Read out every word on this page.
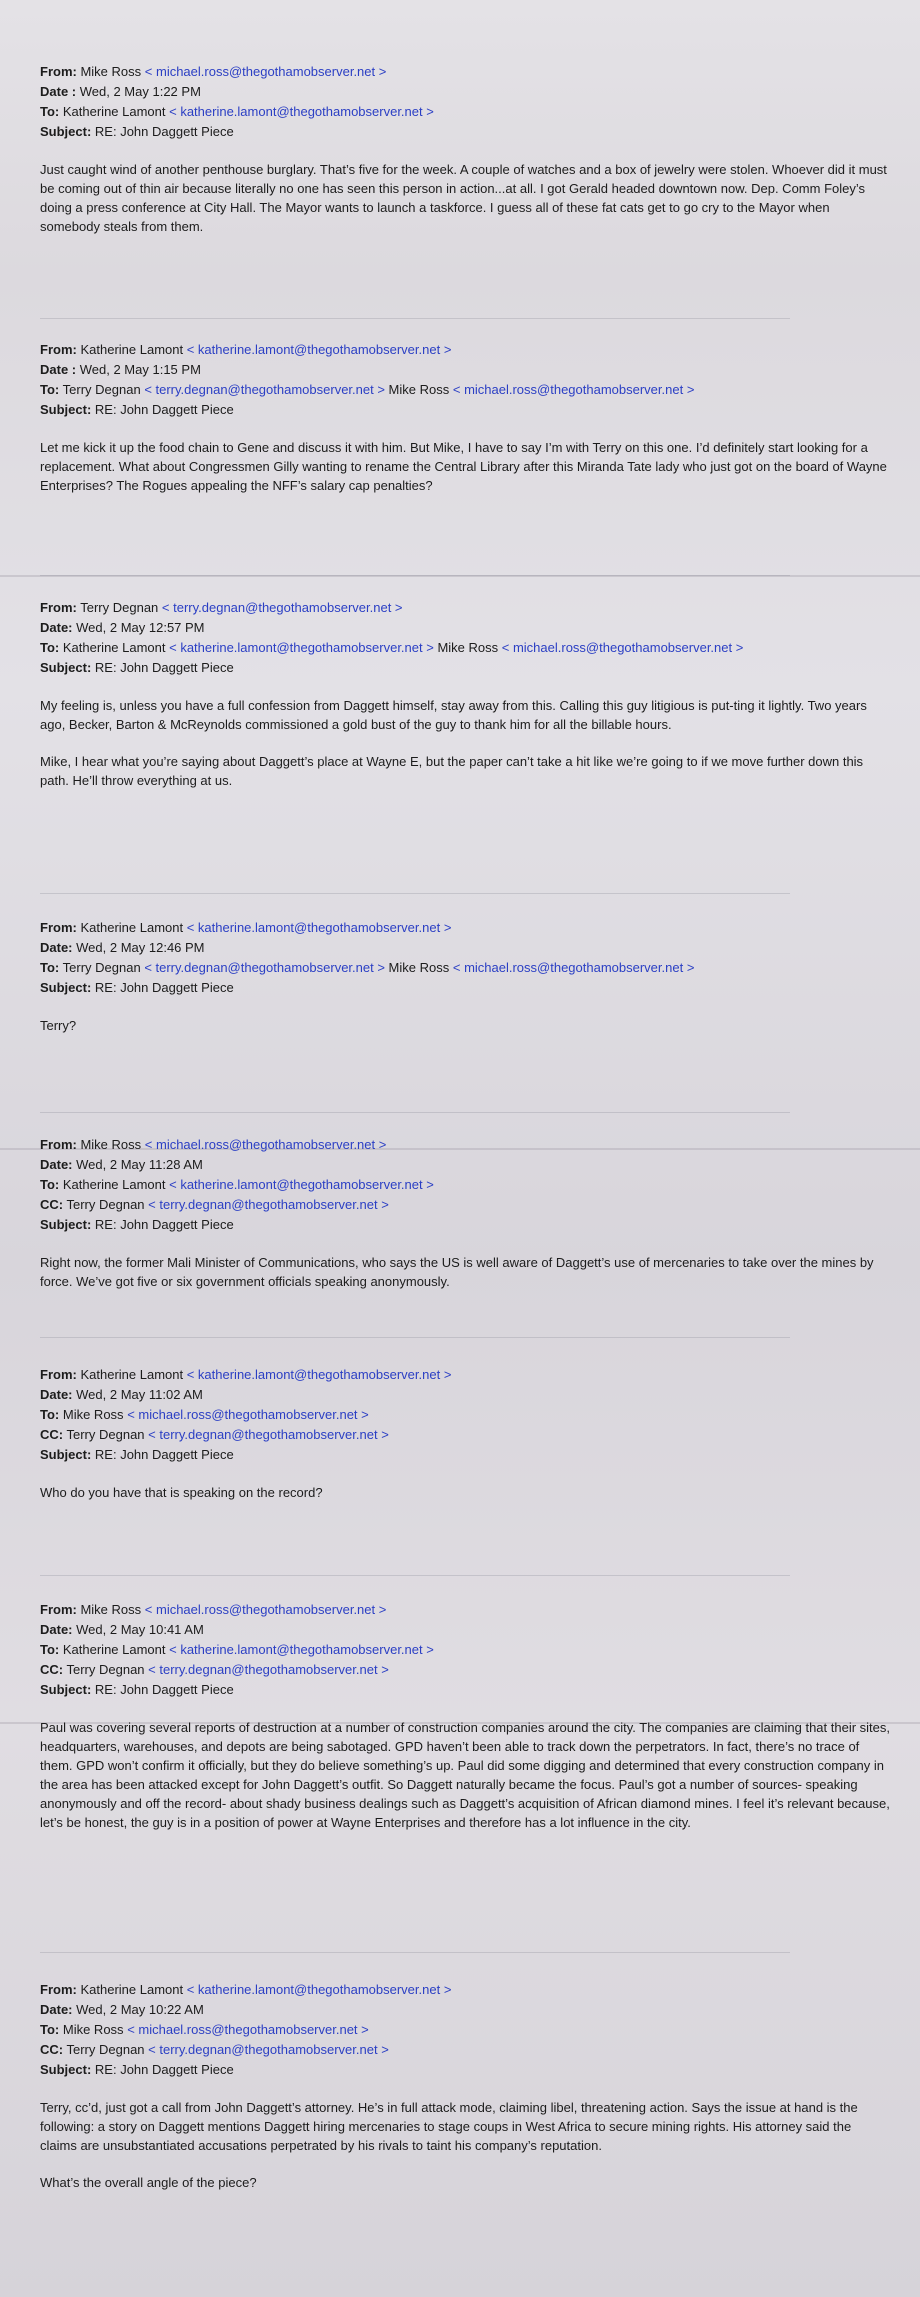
From: Mike Ross < michael.ross@thegothamobserver.net >
Date : Wed, 2 May 1:22 PM
To: Katherine Lamont < katherine.lamont@thegothamobserver.net >
Subject: RE: John Daggett Piece

Just caught wind of another penthouse burglary. That’s five for the week. A couple of watches and a box of jewelry were stolen. Whoever did it must be coming out of thin air because literally no one has seen this person in action...at all. I got Gerald headed downtown now. Dep. Comm Foley’s doing a press conference at City Hall. The Mayor wants to launch a taskforce. I guess all of these fat cats get to go cry to the Mayor when somebody steals from them.

From: Katherine Lamont < katherine.lamont@thegothamobserver.net >
Date : Wed, 2 May 1:15 PM
To: Terry Degnan < terry.degnan@thegothamobserver.net > Mike Ross < michael.ross@thegothamobserver.net >
Subject: RE: John Daggett Piece

Let me kick it up the food chain to Gene and discuss it with him. But Mike, I have to say I’m with Terry on this one. I’d definitely start looking for a replacement. What about Congressmen Gilly wanting to rename the Central Library after this Miranda Tate lady who just got on the board of Wayne Enterprises? The Rogues appealing the NFF’s salary cap penalties?

From: Terry Degnan < terry.degnan@thegothamobserver.net >
Date: Wed, 2 May 12:57 PM
To: Katherine Lamont < katherine.lamont@thegothamobserver.net > Mike Ross < michael.ross@thegothamobserver.net >
Subject: RE: John Daggett Piece

My feeling is, unless you have a full confession from Daggett himself, stay away from this. Calling this guy litigious is put-ting it lightly. Two years ago, Becker, Barton & McReynolds commissioned a gold bust of the guy to thank him for all the billable hours.

Mike, I hear what you’re saying about Daggett’s place at Wayne E, but the paper can’t take a hit like we’re going to if we move further down this path. He’ll throw everything at us.

From: Katherine Lamont < katherine.lamont@thegothamobserver.net >
Date: Wed, 2 May 12:46 PM
To: Terry Degnan < terry.degnan@thegothamobserver.net > Mike Ross < michael.ross@thegothamobserver.net >
Subject: RE: John Daggett Piece

Terry?

From: Mike Ross < michael.ross@thegothamobserver.net >
Date: Wed, 2 May 11:28 AM
To: Katherine Lamont < katherine.lamont@thegothamobserver.net >
CC: Terry Degnan < terry.degnan@thegothamobserver.net >
Subject: RE: John Daggett Piece

Right now, the former Mali Minister of Communications, who says the US is well aware of Daggett’s use of mercenaries to take over the mines by force. We’ve got five or six government officials speaking anonymously.

From: Katherine Lamont < katherine.lamont@thegothamobserver.net >
Date: Wed, 2 May 11:02 AM
To: Mike Ross < michael.ross@thegothamobserver.net >
CC: Terry Degnan < terry.degnan@thegothamobserver.net >
Subject: RE: John Daggett Piece

Who do you have that is speaking on the record?

From: Mike Ross < michael.ross@thegothamobserver.net >
Date: Wed, 2 May 10:41 AM
To: Katherine Lamont < katherine.lamont@thegothamobserver.net >
CC: Terry Degnan < terry.degnan@thegothamobserver.net >
Subject: RE: John Daggett Piece

Paul was covering several reports of destruction at a number of construction companies around the city. The companies are claiming that their sites, headquarters, warehouses, and depots are being sabotaged. GPD haven’t been able to track down the perpetrators. In fact, there’s no trace of them. GPD won’t confirm it officially, but they do believe something’s up. Paul did some digging and determined that every construction company in the area has been attacked except for John Daggett’s outfit. So Daggett naturally became the focus. Paul’s got a number of sources- speaking anonymously and off the record- about shady business dealings such as Daggett’s acquisition of African diamond mines. I feel it’s relevant because, let’s be honest, the guy is in a position of power at Wayne Enterprises and therefore has a lot influence in the city.

From: Katherine Lamont < katherine.lamont@thegothamobserver.net >
Date: Wed, 2 May 10:22 AM
To: Mike Ross < michael.ross@thegothamobserver.net >
CC: Terry Degnan < terry.degnan@thegothamobserver.net >
Subject: RE: John Daggett Piece

Terry, cc’d, just got a call from John Daggett’s attorney. He’s in full attack mode, claiming libel, threatening action. Says the issue at hand is the following: a story on Daggett mentions Daggett hiring mercenaries to stage coups in West Africa to secure mining rights. His attorney said the claims are unsubstantiated accusations perpetrated by his rivals to taint his company’s reputation.

What’s the overall angle of the piece?
